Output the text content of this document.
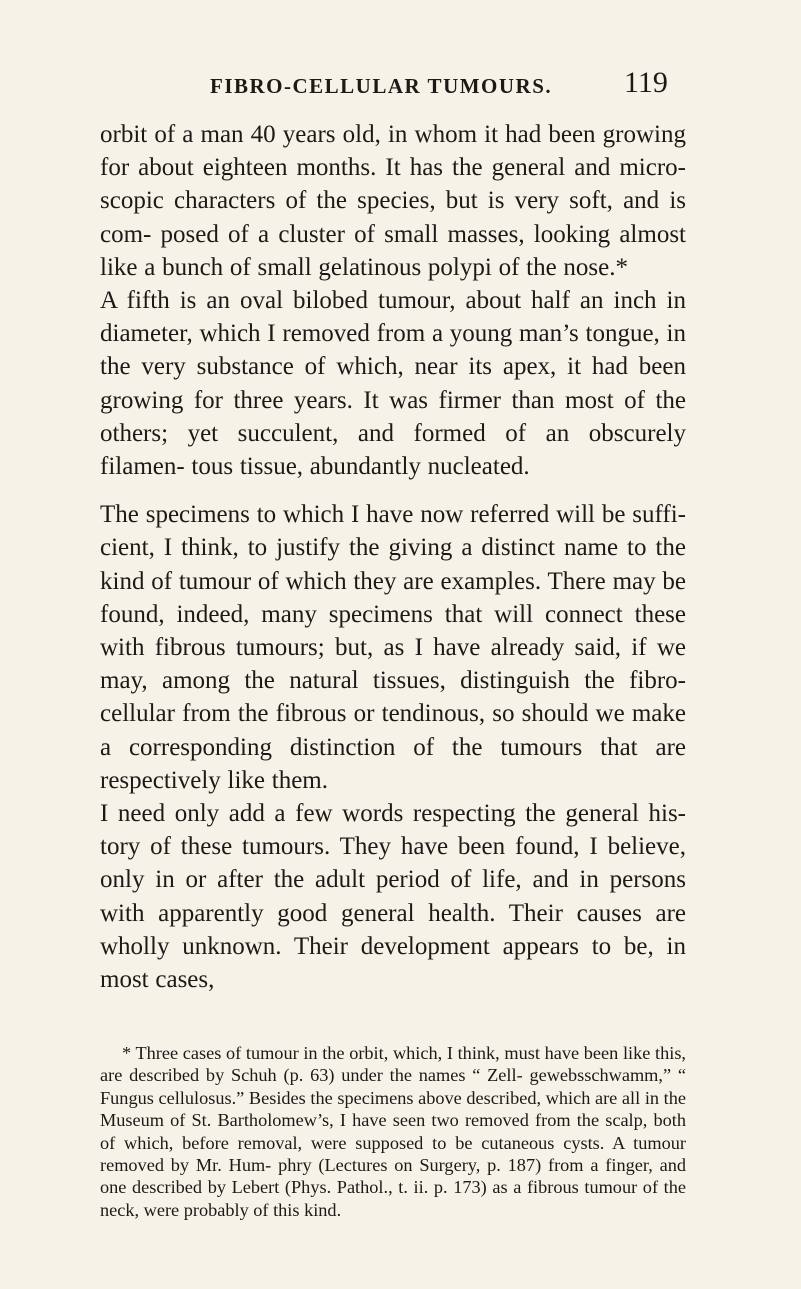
FIBRO-CELLULAR TUMOURS. 119

orbit of a man 40 years old, in whom it had been growing for about eighteen months. It has the general and micro- scopic characters of the species, but is very soft, and is com- posed of a cluster of small masses, looking almost like a bunch of small gelatinous polypi of the nose.*

A fifth is an oval bilobed tumour, about half an inch in diameter, which I removed from a young man’s tongue, in the very substance of which, near its apex, it had been growing for three years. It was firmer than most of the others; yet succulent, and formed of an obscurely filamen- tous tissue, abundantly nucleated.

The specimens to which I have now referred will be suffi- cient, I think, to justify the giving a distinct name to the kind of tumour of which they are examples. There may be found, indeed, many specimens that will connect these with fibrous tumours; but, as I have already said, if we may, among the natural tissues, distinguish the fibro-cellular from the fibrous or tendinous, so should we make a corresponding distinction of the tumours that are respectively like them.

I need only add a few words respecting the general his- tory of these tumours. They have been found, I believe, only in or after the adult period of life, and in persons with apparently good general health. Their causes are wholly unknown. Their development appears to be, in most cases,

* Three cases of tumour in the orbit, which, I think, must have been like this, are described by Schuh (p. 63) under the names “ Zell- gewebsschwamm,” “ Fungus cellulosus.” Besides the specimens above described, which are all in the Museum of St. Bartholomew’s, I have seen two removed from the scalp, both of which, before removal, were supposed to be cutaneous cysts. A tumour removed by Mr. Hum- phry (Lectures on Surgery, p. 187) from a finger, and one described by Lebert (Phys. Pathol., t. ii. p. 173) as a fibrous tumour of the neck, were probably of this kind.
